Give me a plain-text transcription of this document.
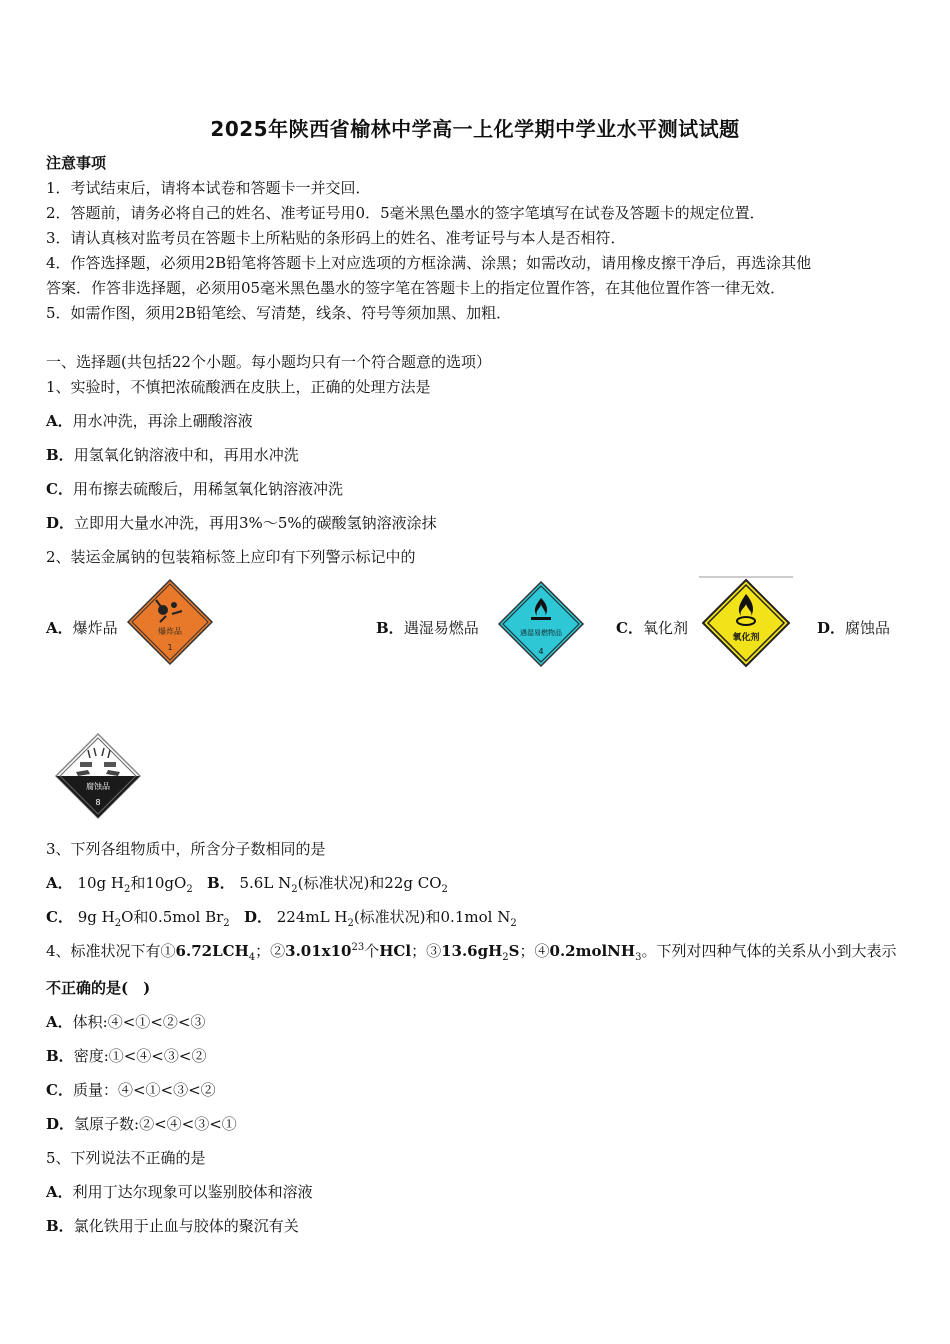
2025年陕西省榆林中学高一上化学期中学业水平测试试题
注意事项
1．考试结束后，请将本试卷和答题卡一并交回．
2．答题前，请务必将自己的姓名、准考证号用0．5毫米黑色墨水的签字笔填写在试卷及答题卡的规定位置．
3．请认真核对监考员在答题卡上所粘贴的条形码上的姓名、准考证号与本人是否相符．
4．作答选择题，必须用2B铅笔将答题卡上对应选项的方框涂满、涂黑；如需改动，请用橡皮擦干净后，再选涂其他
答案．作答非选择题，必须用05毫米黑色墨水的签字笔在答题卡上的指定位置作答，在其他位置作答一律无效．
5．如需作图，须用2B铅笔绘、写清楚，线条、符号等须加黑、加粗．
一、选择题(共包括22个小题。每小题均只有一个符合题意的选项）
1、实验时，不慎把浓硫酸洒在皮肤上，正确的处理方法是
A．用水冲洗，再涂上硼酸溶液
B．用氢氧化钠溶液中和，再用水冲洗
C．用布擦去硫酸后，用稀氢氧化钠溶液冲洗
D．立即用大量水冲洗，再用3%～5%的碳酸氢钠溶液涂抹
2、装运金属钠的包装箱标签上应印有下列警示标记中的
A．爆炸品	爆炸品
1
B．遇湿易燃品	遇湿易燃物品
4
C．氧化剂
氧化剂
D．腐蚀品
腐蚀品
8
3、下列各组物质中，所含分子数相同的是
A． 10g $H_2$和$10gO_2$ B． 5.6L $N_2$(标准状况)和22g $CO_2$
C． 9g $H_2O$和0.5mol $Br_2$ D． 224mL $H_2$(标准状况)和0.1mol $N_2$
4、标准状况下有$①6.72LCH_4$；$②3.01x10^{23}$个HCl；$③13.6gH_2S$；④0.2molNH$_3$。下列对四种气体的关系从小到大表示
不正确的是(　)
A．体积:④<①<②<③
B．密度:①<④<③<②
C．质量：④<①<③<②
D．氢原子数:②<④<③<①
5、下列说法不正确的是
A．利用丁达尔现象可以鉴别胶体和溶液
B．氯化铁用于止血与胶体的聚沉有关
